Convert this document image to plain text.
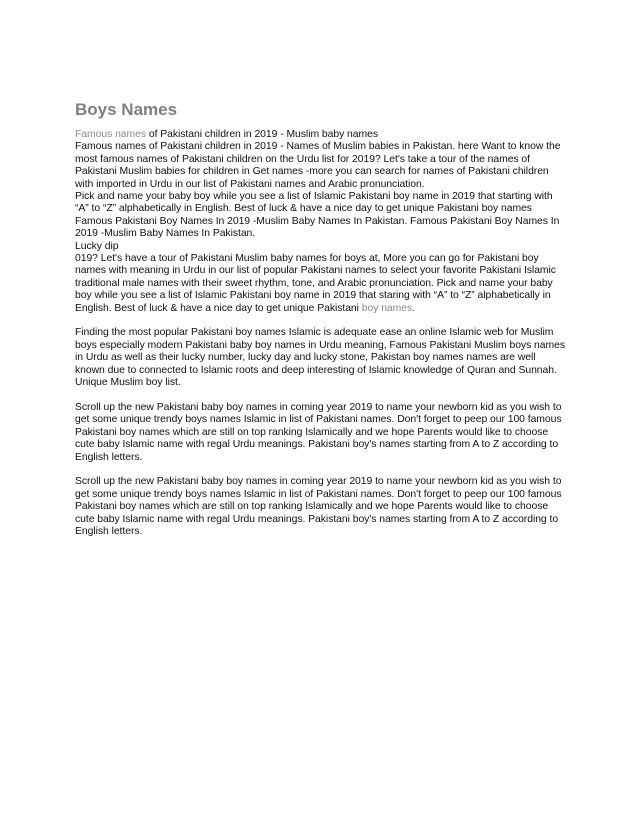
Boys Names

Famous names of Pakistani children in 2019 - Muslim baby names

Famous names of Pakistani children in 2019 - Names of Muslim babies in Pakistan. here Want to know the most famous names of Pakistani children on the Urdu list for 2019? Let's take a tour of the names of Pakistani Muslim babies for children in Get names -more you can search for names of Pakistani children with imported in Urdu in our list of Pakistani names and Arabic pronunciation.

Pick and name your baby boy while you see a list of Islamic Pakistani boy name in 2019 that starting with “A” to “Z” alphabetically in English. Best of luck & have a nice day to get unique Pakistani boy names

Famous Pakistani Boy Names In 2019 -Muslim Baby Names In Pakistan. Famous Pakistani Boy Names In 2019 -Muslim Baby Names In Pakistan.

Lucky dip

019? Let's have a tour of Pakistani Muslim baby names for boys at, More you can go for Pakistani boy names with meaning in Urdu in our list of popular Pakistani names to select your favorite Pakistani Islamic traditional male names with their sweet rhythm, tone, and Arabic pronunciation. Pick and name your baby boy while you see a list of Islamic Pakistani boy name in 2019 that staring with “A” to “Z” alphabetically in English. Best of luck & have a nice day to get unique Pakistani boy names.

Finding the most popular Pakistani boy names Islamic is adequate ease an online Islamic web for Muslim boys especially modern Pakistani baby boy names in Urdu meaning, Famous Pakistani Muslim boys names in Urdu as well as their lucky number, lucky day and lucky stone, Pakistan boy names names are well known due to connected to Islamic roots and deep interesting of Islamic knowledge of Quran and Sunnah. Unique Muslim boy list.

Scroll up the new Pakistani baby boy names in coming year 2019 to name your newborn kid as you wish to get some unique trendy boys names Islamic in list of Pakistani names. Don't forget to peep our 100 famous Pakistani boy names which are still on top ranking Islamically and we hope Parents would like to choose cute baby Islamic name with regal Urdu meanings. Pakistani boy's names starting from A to Z according to English letters.

Scroll up the new Pakistani baby boy names in coming year 2019 to name your newborn kid as you wish to get some unique trendy boys names Islamic in list of Pakistani names. Don't forget to peep our 100 famous Pakistani boy names which are still on top ranking Islamically and we hope Parents would like to choose cute baby Islamic name with regal Urdu meanings. Pakistani boy's names starting from A to Z according to English letters.
